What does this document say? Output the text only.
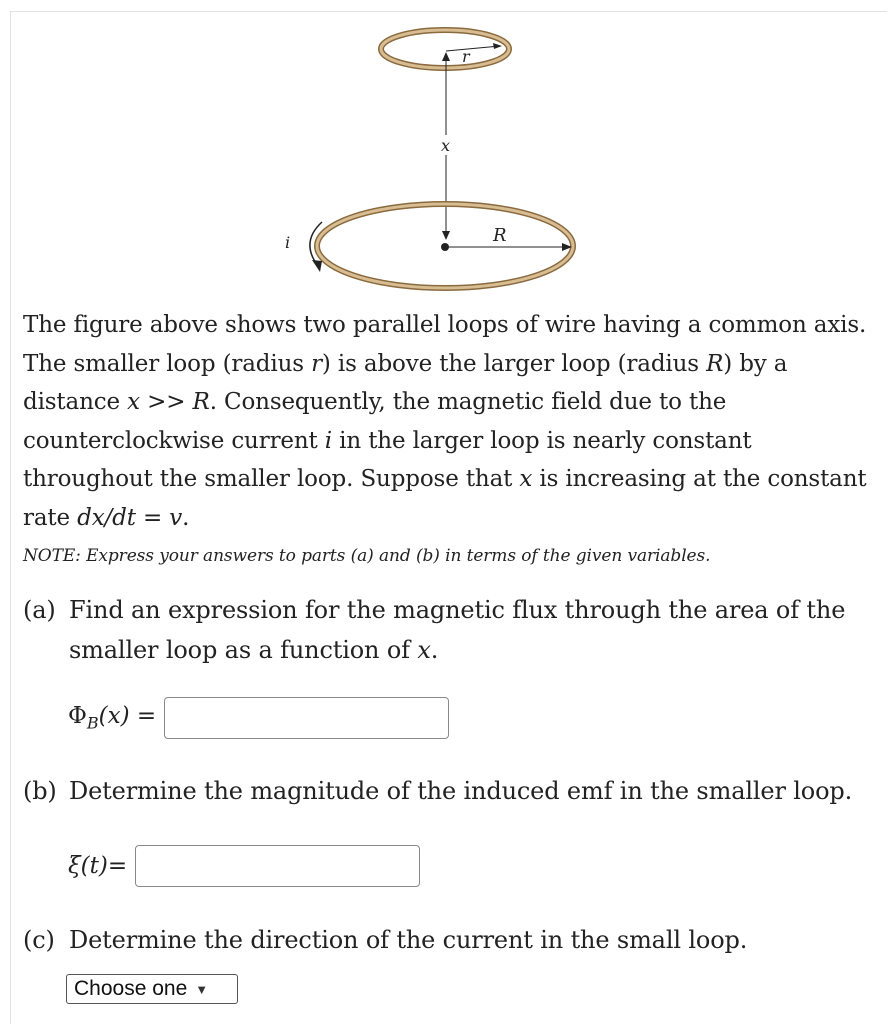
r
x
R
i

The figure above shows two parallel loops of wire having a common axis. The smaller loop (radius r) is above the larger loop (radius R) by a distance x >> R. Consequently, the magnetic field due to the counterclockwise current i in the larger loop is nearly constant throughout the smaller loop. Suppose that x is increasing at the constant rate dx/dt = v.

NOTE: Express your answers to parts (a) and (b) in terms of the given variables.

(a) Find an expression for the magnetic flux through the area of the
smaller loop as a function of x.
$\Phi_B(x)$ =
(b) Determine the magnitude of the induced emf in the smaller loop.
ξ(t) =
(c) Determine the direction of the current in the small loop.
Choose one ▼
